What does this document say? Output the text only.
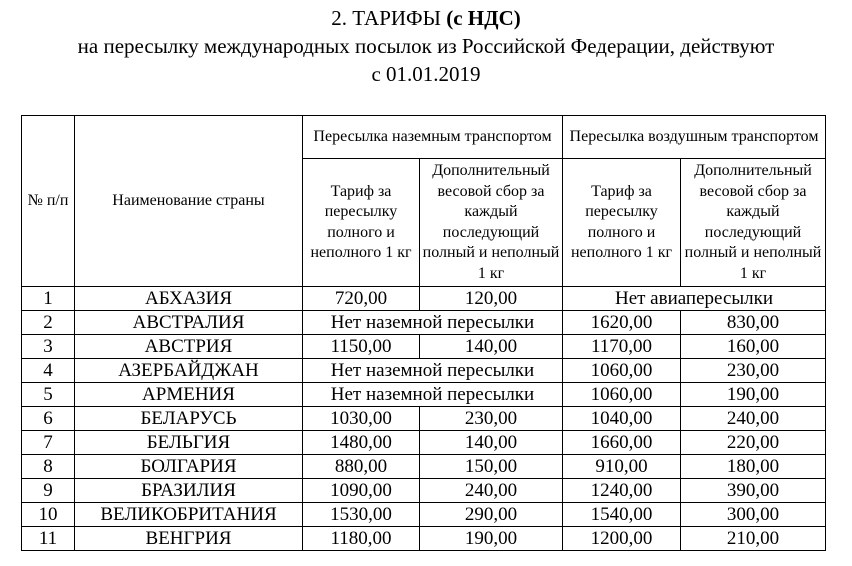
2. ТАРИФЫ (с НДС)
на пересылку международных посылок из Российской Федерации, действуют
с 01.01.2019
№ п/п	Наименование страны	Пересылка наземным транспортом		Пересылка воздушным транспортом	
		Тариф за пересылку полного и неполного 1 кг	Дополнительный весовой сбор за каждый последующий полный и неполный 1 кг	Тариф за пересылку полного и неполного 1 кг	Дополнительный весовой сбор за каждый последующий полный и неполный 1 кг
1	АБХАЗИЯ	720,00	120,00	Нет авиапересылки	
2	АВСТРАЛИЯ	Нет наземной пересылки		1620,00	830,00
3	АВСТРИЯ	1150,00	140,00	1170,00	160,00
4	АЗЕРБАЙДЖАН	Нет наземной пересылки		1060,00	230,00
5	АРМЕНИЯ	Нет наземной пересылки		1060,00	190,00
6	БЕЛАРУСЬ	1030,00	230,00	1040,00	240,00
7	БЕЛЬГИЯ	1480,00	140,00	1660,00	220,00
8	БОЛГАРИЯ	880,00	150,00	910,00	180,00
9	БРАЗИЛИЯ	1090,00	240,00	1240,00	390,00
10	ВЕЛИКОБРИТАНИЯ	1530,00	290,00	1540,00	300,00
11	ВЕНГРИЯ	1180,00	190,00	1200,00	210,00
